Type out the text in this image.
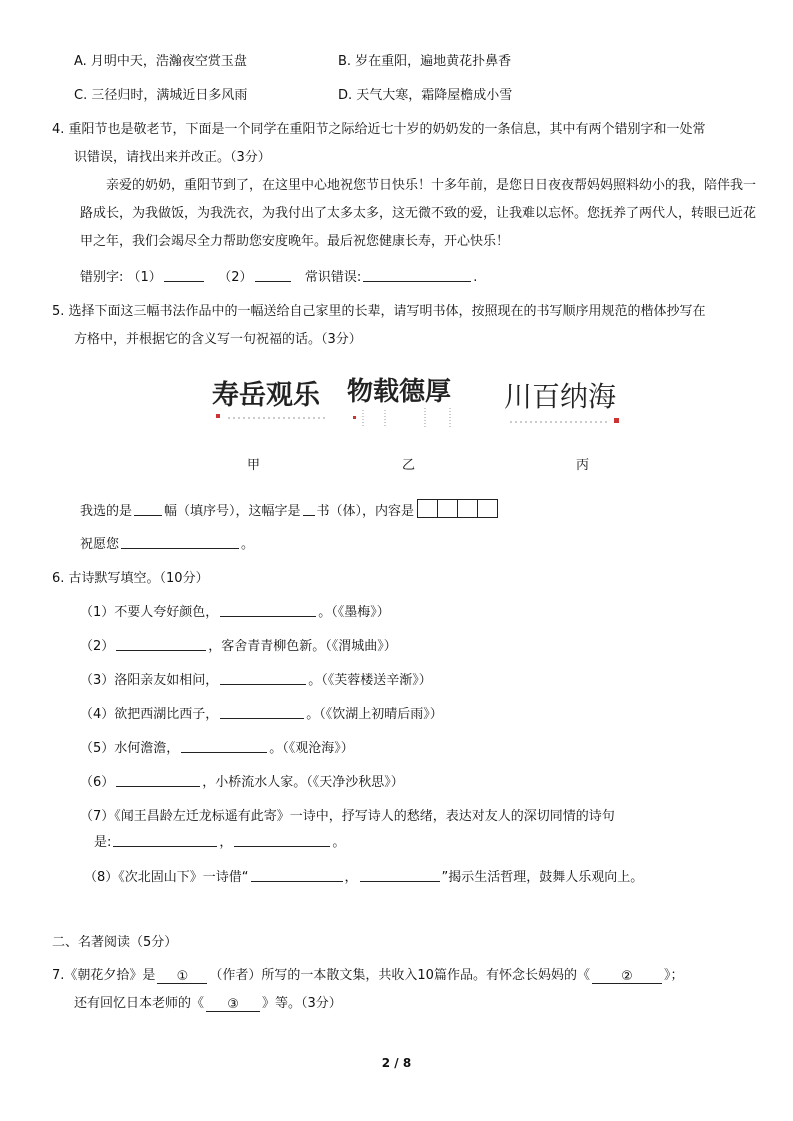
A. 月明中天，浩瀚夜空赏玉盘	B. 岁在重阳，遍地黄花扑鼻香
C. 三径归时，满城近日多风雨	D. 天气大寒，霜降屋檐成小雪
4. 重阳节也是敬老节，下面是一个同学在重阳节之际给近七十岁的奶奶发的一条信息，其中有两个错别字和一处常
识错误，请找出来并改正。（3分）
亲爱的奶奶，重阳节到了，在这里中心地祝您节日快乐！十多年前，是您日日夜夜帮妈妈照料幼小的我，陪伴我一路成长，为我做饭，为我洗衣，为我付出了太多太多，这无微不致的爱，让我难以忘怀。您抚养了两代人，转眼已近花甲之年，我们会竭尽全力帮助您安度晚年。最后祝您健康长寿，开心快乐！
错别字: （1）	（2）	常识错误:	.
5. 选择下面这三幅书法作品中的一幅送给自己家里的长辈，请写明书体，按照现在的书写顺序用规范的楷体抄写在
方格中，并根据它的含义写一句祝福的话。（3分）
寿岳观乐 物载德厚 川百纳海
甲	乙	丙
我选的是 幅（填序号），这幅字是 书（体），内容是
祝愿您	。
6. 古诗默写填空。（10分）
（1）不要人夸好颜色，	。（《墨梅》）
（2）	，客舍青青柳色新。（《渭城曲》）
（3）洛阳亲友如相问，	。（《芙蓉楼送辛渐》）
（4）欲把西湖比西子，	。（《饮湖上初晴后雨》）
（5）水何澹澹，	。（《观沧海》）
（6）	，小桥流水人家。（《天净沙秋思》）
（7）《闻王昌龄左迁龙标遥有此寄》一诗中，抒写诗人的愁绪，表达对友人的深切同情的诗句
是:	，	。
（8）《次北固山下》一诗借“	，	”揭示生活哲理，鼓舞人乐观向上。
二、名著阅读（5分）
7.《朝花夕拾》是 ① （作者）所写的一本散文集，共收入10篇作品。有怀念长妈妈的《 ② 》；
还有回忆日本老师的《 ③ 》等。（3分）
2 / 8
